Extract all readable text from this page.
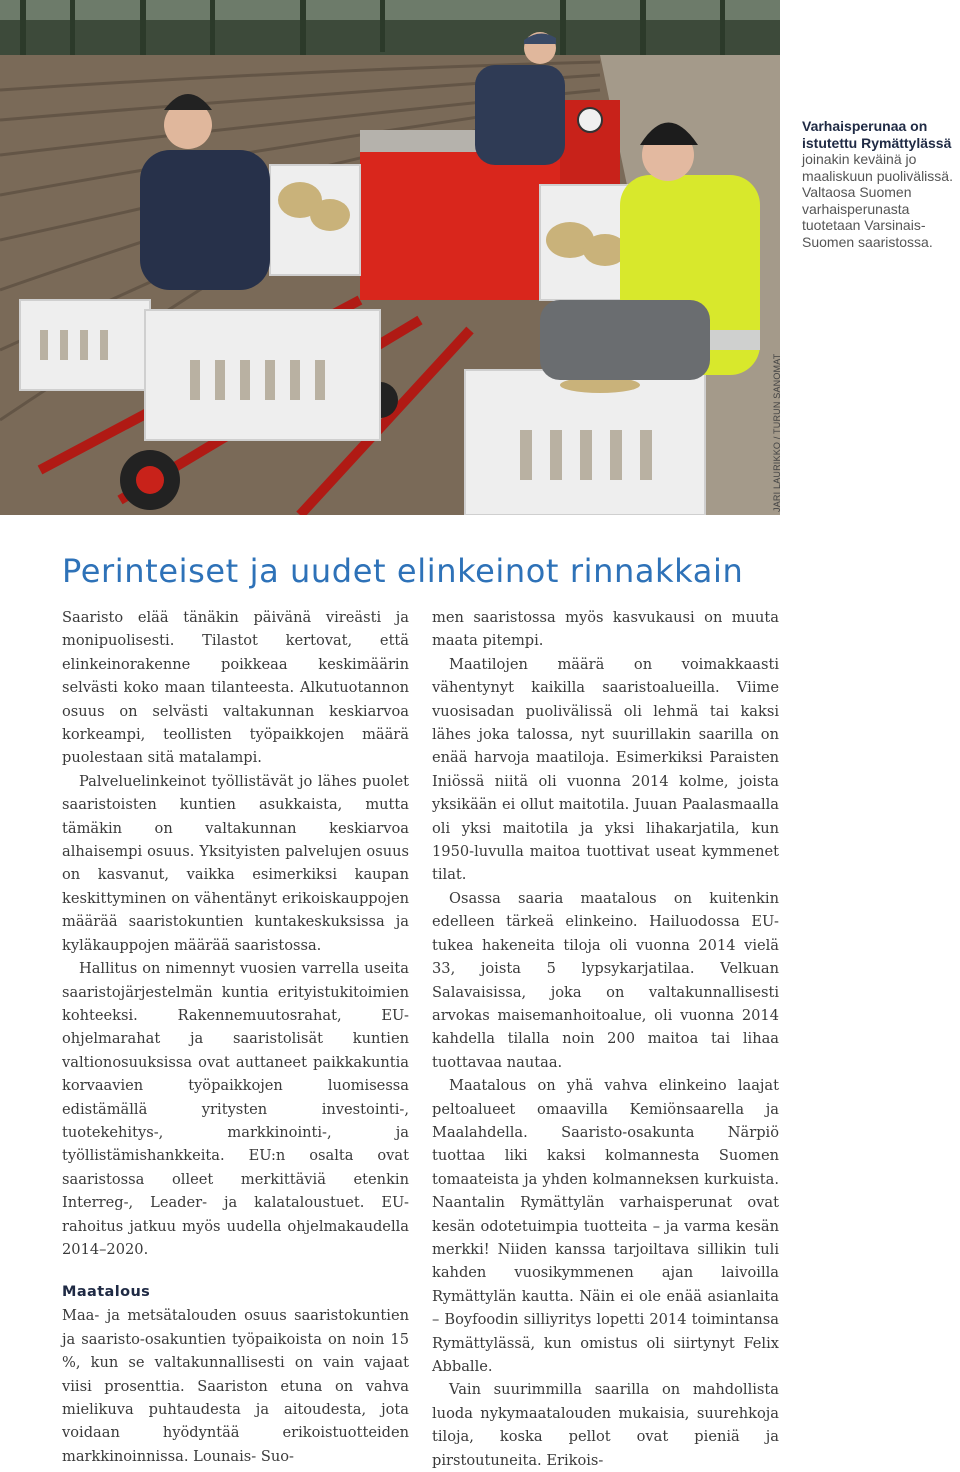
JARI LAURIKKO / TURUN SANOMAT
Varhaisperunaa on istutettu Rymättylässä joinakin keväinä jo maaliskuun puolivälissä. Valtaosa Suomen varhaisperunasta tuotetaan Varsinais-Suomen saaristossa.
Perinteiset ja uudet elinkeinot rinnakkain

Saaristo elää tänäkin päivänä vireästi ja monipuolisesti. Tilastot kertovat, että elinkeinorakenne poikkeaa keskimäärin selvästi koko maan tilanteesta. Alkutuotannon osuus on selvästi valtakunnan keskiarvoa korkeampi, teollisten työpaikkojen määrä puolestaan sitä matalampi.

Palveluelinkeinot työllistävät jo lähes puolet saaristoisten kuntien asukkaista, mutta tämäkin on valtakunnan keskiarvoa alhaisempi osuus. Yksityisten palvelujen osuus on kasvanut, vaikka esimerkiksi kaupan keskittyminen on vähentänyt erikoiskauppojen määrää saaristokuntien kuntakeskuksissa ja kyläkauppojen määrää saaristossa.

Hallitus on nimennyt vuosien varrella useita saaristojärjestelmän kuntia erityistukitoimien kohteeksi. Rakennemuutosrahat, EU-ohjelmarahat ja saaristolisät kuntien valtionosuuksissa ovat auttaneet paikkakuntia korvaavien työpaikkojen luomisessa edistämällä yritysten investointi-, tuotekehitys-, markkinointi-, ja työllistämishankkeita. EU:n osalta ovat saaristossa olleet merkittäviä etenkin Interreg-, Leader- ja kalataloustuet. EU-rahoitus jatkuu myös uudella ohjelmakaudella 2014–2020.

Maatalous

Maa- ja metsätalouden osuus saaristokuntien ja saaristo-osakuntien työpaikoista on noin 15 %, kun se valtakunnallisesti on vain vajaat viisi prosenttia. Saariston etuna on vahva mielikuva puhtaudesta ja aitoudesta, jota voidaan hyödyntää erikoistuotteiden markkinoinnissa. Lounais- Suo-

men saaristossa myös kasvukausi on muuta maata pitempi.

Maatilojen määrä on voimakkaasti vähentynyt kaikilla saaristoalueilla. Viime vuosisadan puolivälissä oli lehmä tai kaksi lähes joka talossa, nyt suurillakin saarilla on enää harvoja maatiloja. Esimerkiksi Paraisten Iniössä niitä oli vuonna 2014 kolme, joista yksikään ei ollut maitotila. Juuan Paalasmaalla oli yksi maitotila ja yksi lihakarjatila, kun 1950-luvulla maitoa tuottivat useat kymmenet tilat.

Osassa saaria maatalous on kuitenkin edelleen tärkeä elinkeino. Hailuodossa EU-tukea hakeneita tiloja oli vuonna 2014 vielä 33, joista 5 lypsykarjatilaa. Velkuan Salavaisissa, joka on valtakunnallisesti arvokas maisemanhoitoalue, oli vuonna 2014 kahdella tilalla noin 200 maitoa tai lihaa tuottavaa nautaa.

Maatalous on yhä vahva elinkeino laajat peltoalueet omaavilla Kemiönsaarella ja Maalahdella. Saaristo-osakunta Närpiö tuottaa liki kaksi kolmannesta Suomen tomaateista ja yhden kolmanneksen kurkuista. Naantalin Rymättylän varhaisperunat ovat kesän odotetuimpia tuotteita – ja varma kesän merkki! Niiden kanssa tarjoiltava sillikin tuli kahden vuosikymmenen ajan laivoilla Rymättylän kautta. Näin ei ole enää asianlaita – Boyfoodin silliyritys lopetti 2014 toimintansa Rymättylässä, kun omistus oli siirtynyt Felix Abballe.

Vain suurimmilla saarilla on mahdollista luoda nykymaatalouden mukaisia, suurehkoja tiloja, koska pellot ovat pieniä ja pirstoutuneita. Erikois-
